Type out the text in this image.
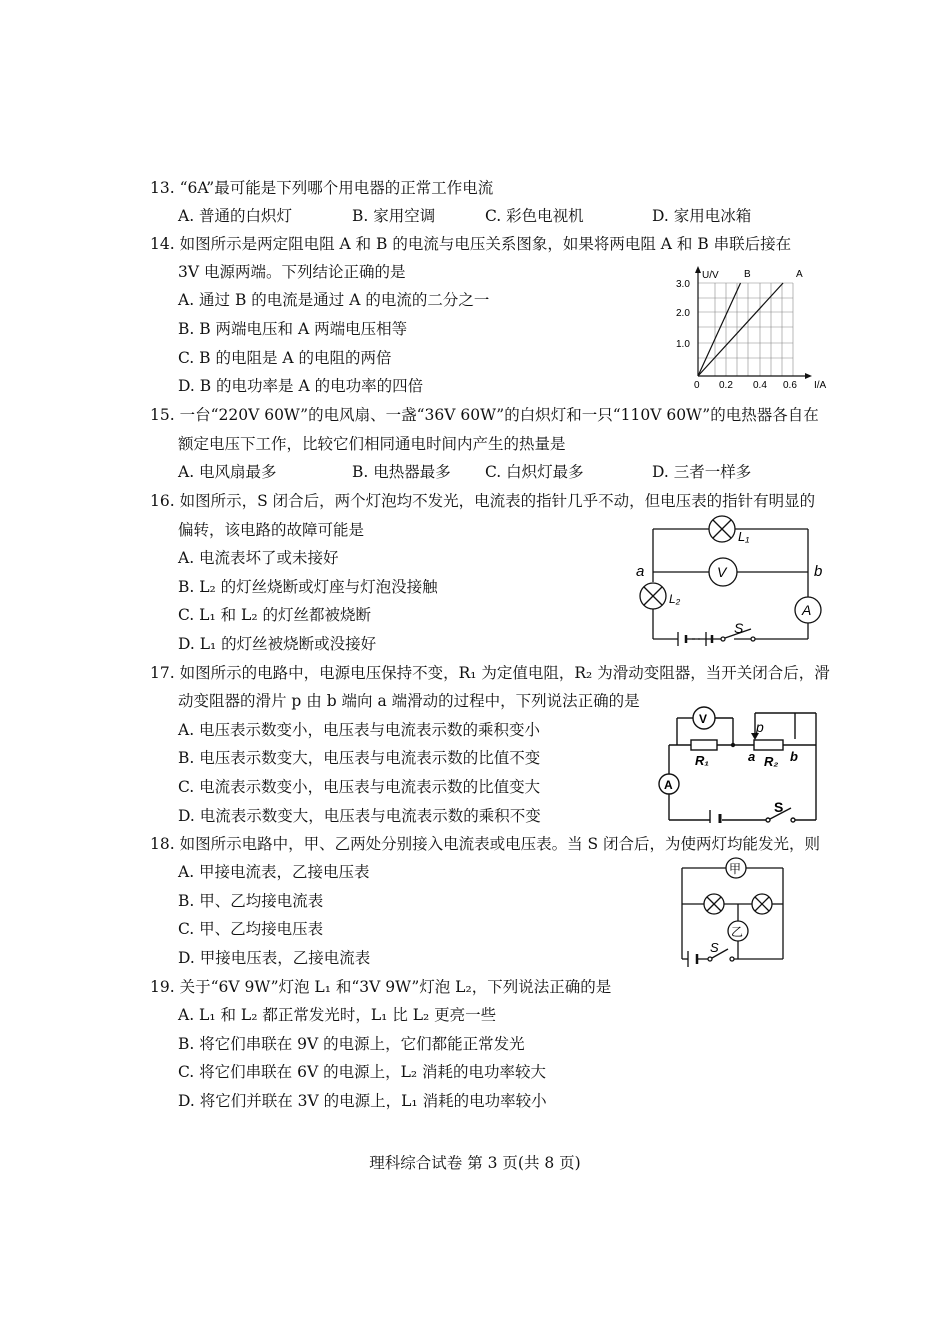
13. “6A”最可能是下列哪个用电器的正常工作电流
A. 普通的白炽灯	B. 家用空调	C. 彩色电视机	D. 家用电冰箱
14. 如图所示是两定阻电阻 A 和 B 的电流与电压关系图象，如果将两电阻 A 和 B 串联后接在
3V 电源两端。下列结论正确的是
A. 通过 B 的电流是通过 A 的电流的二分之一
B. B 两端电压和 A 两端电压相等
C. B 的电阻是 A 的电阻的两倍
D. B 的电功率是 A 的电功率的四倍
U/V
I/A
1.0
2.0
3.0
0 0.2 0.4 0.6
B	A
15. 一台“220V 60W”的电风扇、一盏“36V 60W”的白炽灯和一只“110V 60W”的电热器各自在
额定电压下工作，比较它们相同通电时间内产生的热量是
A. 电风扇最多	B. 电热器最多 C. 白炽灯最多	D. 三者一样多
16. 如图所示，S 闭合后，两个灯泡均不发光，电流表的指针几乎不动，但电压表的指针有明显的
偏转，该电路的故障可能是
A. 电流表坏了或未接好
B. L₂ 的灯丝烧断或灯座与灯泡没接触
C. L₁ 和 L₂ 的灯丝都被烧断
D. L₁ 的灯丝被烧断或没接好
L₁
V
L₂
A
a	b
S
17. 如图所示的电路中，电源电压保持不变，R₁ 为定值电阻，R₂ 为滑动变阻器，当开关闭合后，滑
动变阻器的滑片 p 由 b 端向 a 端滑动的过程中，下列说法正确的是
A. 电压表示数变小，电压表与电流表示数的乘积变小
B. 电压表示数变大，电压表与电流表示数的比值不变
C. 电流表示数变小，电压表与电流表示数的比值变大
D. 电流表示数变大，电压表与电流表示数的乘积不变
V
A
R₁	R₂
p
a	b
S
18. 如图所示电路中，甲、乙两处分别接入电流表或电压表。当 S 闭合后，为使两灯均能发光，则
A. 甲接电流表，乙接电压表
B. 甲、乙均接电流表
C. 甲、乙均接电压表
D. 甲接电压表，乙接电流表
甲
乙
S
19. 关于“6V 9W”灯泡 L₁ 和“3V 9W”灯泡 L₂，下列说法正确的是
A. L₁ 和 L₂ 都正常发光时，L₁ 比 L₂ 更亮一些
B. 将它们串联在 9V 的电源上，它们都能正常发光
C. 将它们串联在 6V 的电源上，L₂ 消耗的电功率较大
D. 将它们并联在 3V 的电源上，L₁ 消耗的电功率较小
理科综合试卷 第 3 页(共 8 页)
